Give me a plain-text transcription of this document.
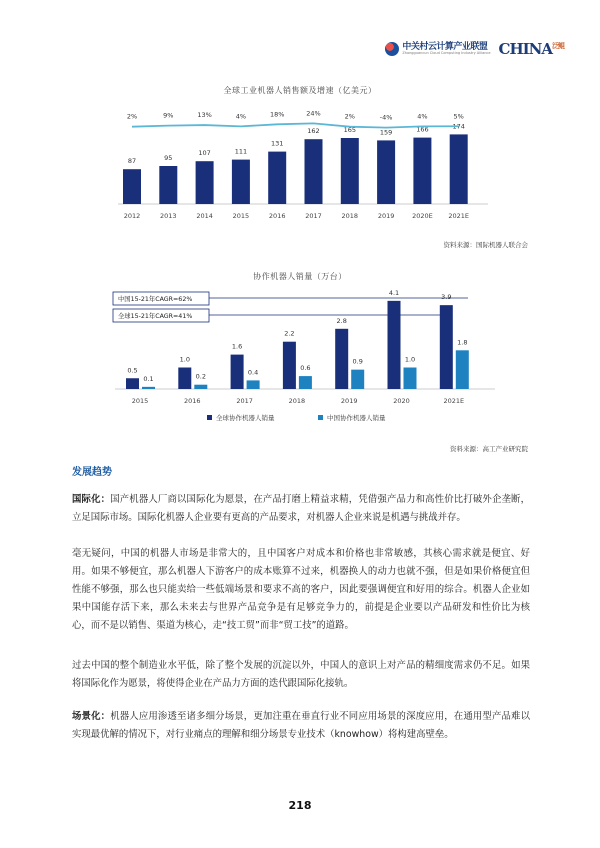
中关村云计算产业联盟
Zhongguancun Cloud Computing Industry Alliance $CHINA^{泛鲲}$
全球工业机器人销售额及增速（亿美元）
87
2012
2%
95
2013
9%
107
2014
13%
111
2015
4%
131
2016
18%
162
2017
24%
165
2018
2%
159
2019
-4%
166
2020E
4%
174
2021E
5%
资料来源：国际机器人联合会
协作机器人销量（万台）
0.5
0.1
2015
1.0
0.2
2016
1.6
0.4
2017
2.2
0.6
2018
2.8
0.9
2019
4.1
1.0
2020
3.9
1.8
2021E
中国15-21年CAGR=62%
全球15-21年CAGR=41%
全球协作机器人销量	中国协作机器人销量
资料来源：高工产业研究院
发展趋势
国际化：国产机器人厂商以国际化为愿景，在产品打磨上精益求精，凭借强产品力和高性价比打破外企垄断，立足国际市场。国际化机器人企业要有更高的产品要求，对机器人企业来说是机遇与挑战并存。
毫无疑问，中国的机器人市场是非常大的，且中国客户对成本和价格也非常敏感，其核心需求就是便宜、好用。如果不够便宜，那么机器人下游客户的成本账算不过来，机器换人的动力也就不强，但是如果价格便宜但性能不够强，那么也只能卖给一些低端场景和要求不高的客户，因此要强调便宜和好用的综合。机器人企业如果中国能存活下来，那么未来去与世界产品竞争是有足够竞争力的，前提是企业要以产品研发和性价比为核心，而不是以销售、渠道为核心，走“技工贸”而非“贸工技”的道路。
过去中国的整个制造业水平低，除了整个发展的沉淀以外，中国人的意识上对产品的精细度需求仍不足。如果将国际化作为愿景，将使得企业在产品力方面的迭代跟国际化接轨。
场景化：机器人应用渗透至诸多细分场景，更加注重在垂直行业不同应用场景的深度应用，在通用型产品难以实现最优解的情况下，对行业痛点的理解和细分场景专业技术（knowhow）将构建高壁垒。
218
